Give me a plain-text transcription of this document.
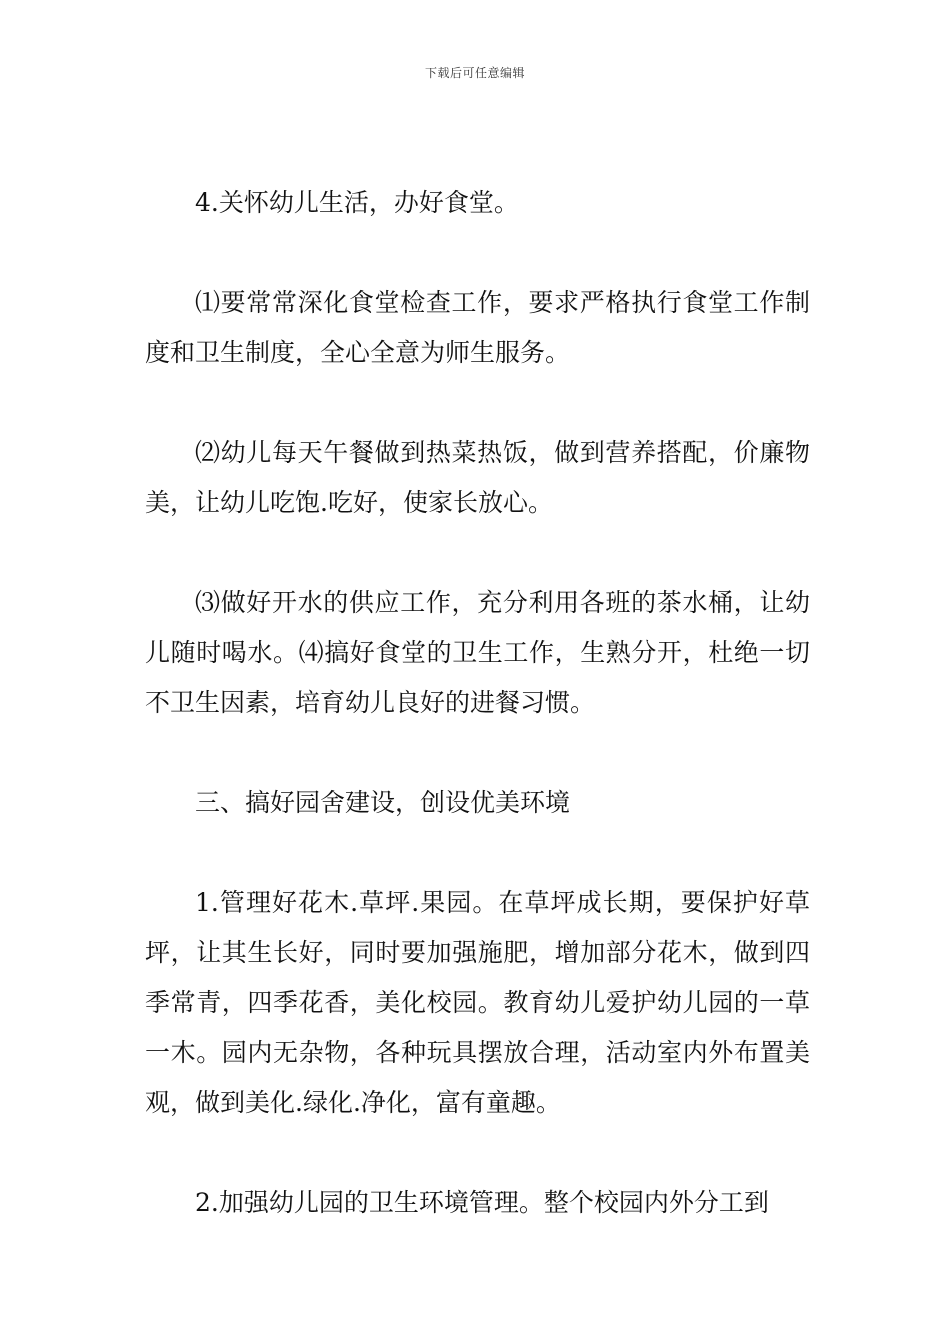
下载后可任意编辑

4.关怀幼儿生活，办好食堂。

⑴要常常深化食堂检查工作，要求严格执行食堂工作制度和卫生制度，全心全意为师生服务。

⑵幼儿每天午餐做到热菜热饭，做到营养搭配，价廉物美，让幼儿吃饱.吃好，使家长放心。

⑶做好开水的供应工作，充分利用各班的茶水桶，让幼儿随时喝水。⑷搞好食堂的卫生工作，生熟分开，杜绝一切不卫生因素，培育幼儿良好的进餐习惯。

三、搞好园舍建设，创设优美环境

1.管理好花木.草坪.果园。在草坪成长期，要保护好草坪，让其生长好，同时要加强施肥，增加部分花木，做到四季常青，四季花香，美化校园。教育幼儿爱护幼儿园的一草一木。园内无杂物，各种玩具摆放合理，活动室内外布置美观，做到美化.绿化.净化，富有童趣。

2.加强幼儿园的卫生环境管理。整个校园内外分工到
